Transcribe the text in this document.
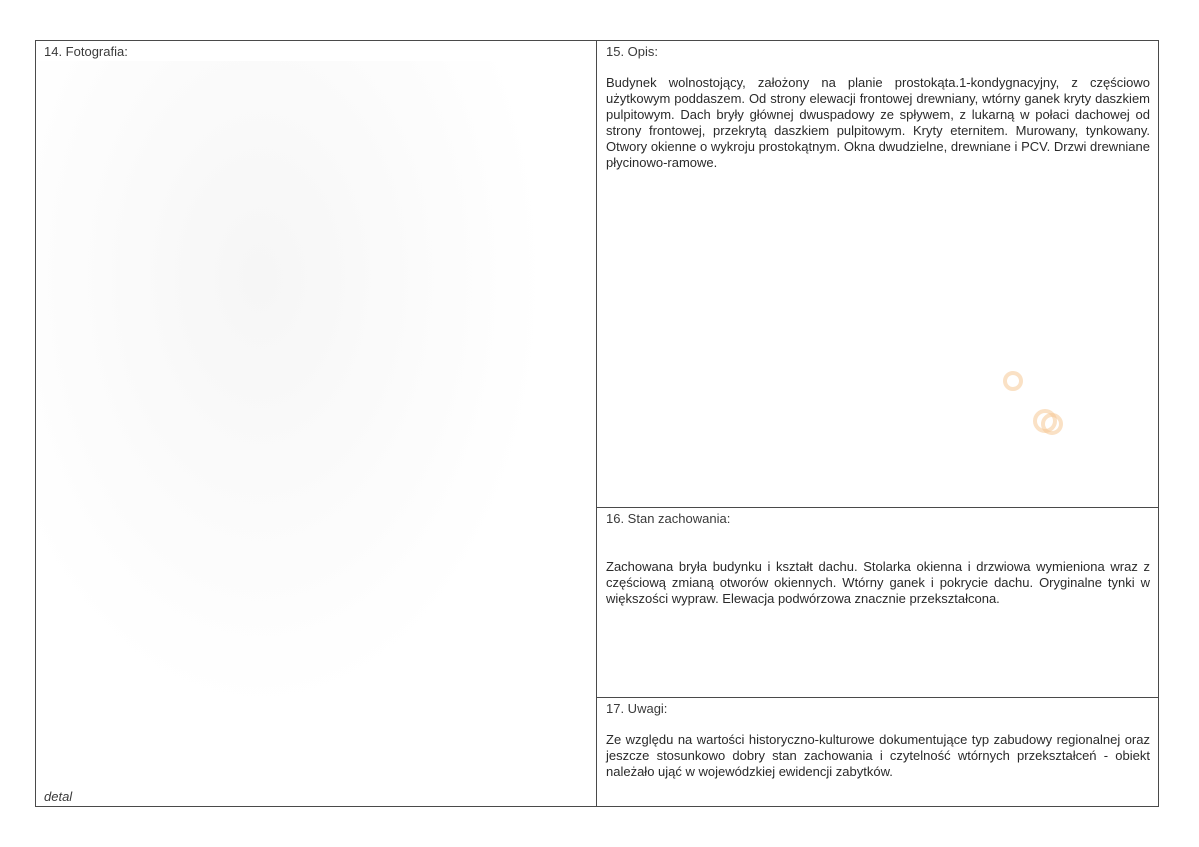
14. Fotografia:
detal
15. Opis:
Budynek wolnostojący, założony na planie prostokąta.1-kondygnacyjny, z częściowo użytkowym poddaszem. Od strony elewacji frontowej drewniany, wtórny ganek kryty daszkiem pulpitowym. Dach bryły głównej dwuspadowy ze spływem, z lukarną w połaci dachowej od strony frontowej, przekrytą daszkiem pulpitowym. Kryty eternitem. Murowany, tynkowany. Otwory okienne o wykroju prostokątnym. Okna dwudzielne, drewniane i PCV. Drzwi drewniane płycinowo-ramowe.
16. Stan zachowania:
Zachowana bryła budynku i kształt dachu. Stolarka okienna i drzwiowa wymieniona wraz z częściową zmianą otworów okiennych. Wtórny ganek i pokrycie dachu. Oryginalne tynki w większości wypraw. Elewacja podwórzowa znacznie przekształcona.
17. Uwagi:
Ze względu na wartości historyczno-kulturowe dokumentujące typ zabudowy regionalnej oraz jeszcze stosunkowo dobry stan zachowania i czytelność wtórnych przekształceń - obiekt należało ująć w wojewódzkiej ewidencji zabytków.
